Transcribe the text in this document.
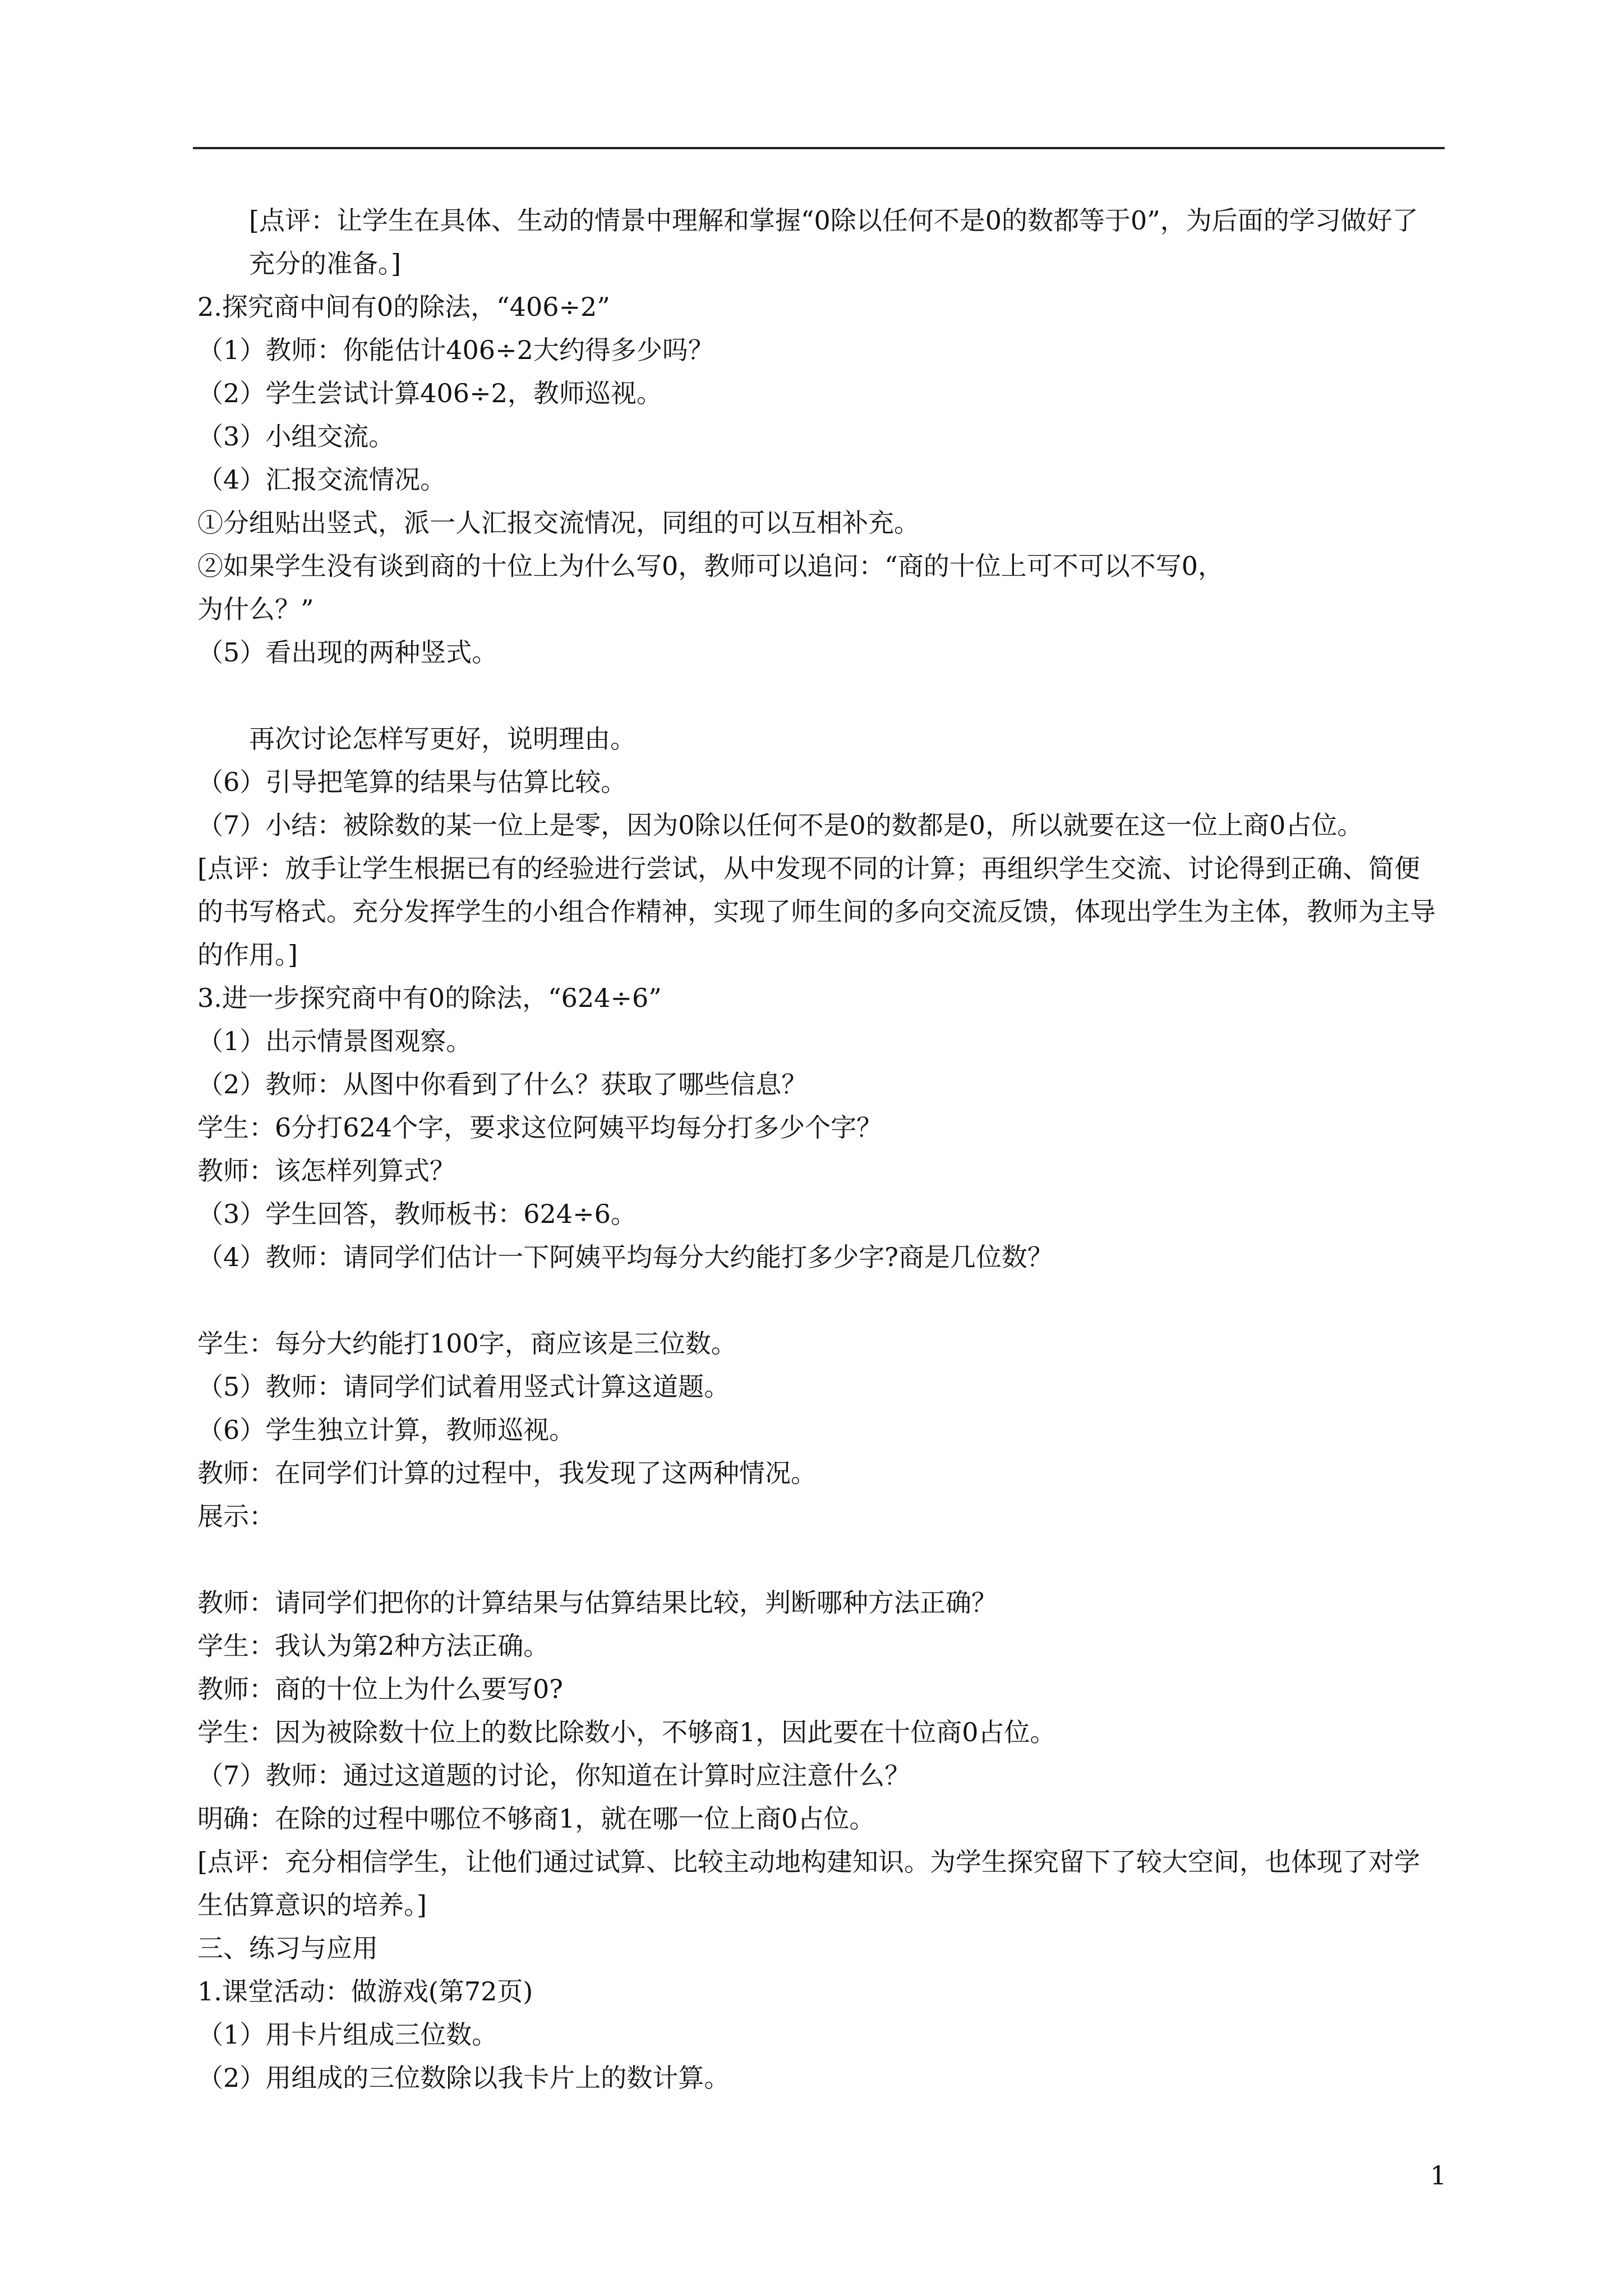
[点评：让学生在具体、生动的情景中理解和掌握“0除以任何不是0的数都等于0”，为后面的学习做好了充分的准备。]
2.探究商中间有0的除法，“406÷2”
（1）教师：你能估计406÷2大约得多少吗？
（2）学生尝试计算406÷2，教师巡视。
（3）小组交流。
（4）汇报交流情况。
①分组贴出竖式，派一人汇报交流情况，同组的可以互相补充。
②如果学生没有谈到商的十位上为什么写0，教师可以追问：“商的十位上可不可以不写0，
为什么？”
（5）看出现的两种竖式。
再次讨论怎样写更好，说明理由。
（6）引导把笔算的结果与估算比较。
（7）小结：被除数的某一位上是零，因为0除以任何不是0的数都是0，所以就要在这一位上商0占位。
[点评：放手让学生根据已有的经验进行尝试，从中发现不同的计算；再组织学生交流、讨论得到正确、简便的书写格式。充分发挥学生的小组合作精神，实现了师生间的多向交流反馈，体现出学生为主体，教师为主导的作用。]
3.进一步探究商中有0的除法，“624÷6”
（1）出示情景图观察。
（2）教师：从图中你看到了什么？获取了哪些信息？
学生：6分打624个字，要求这位阿姨平均每分打多少个字？
教师：该怎样列算式？
（3）学生回答，教师板书：624÷6。
（4）教师：请同学们估计一下阿姨平均每分大约能打多少字?商是几位数？
学生：每分大约能打100字，商应该是三位数。
（5）教师：请同学们试着用竖式计算这道题。
（6）学生独立计算，教师巡视。
教师：在同学们计算的过程中，我发现了这两种情况。
展示：
教师：请同学们把你的计算结果与估算结果比较，判断哪种方法正确？
学生：我认为第2种方法正确。
教师：商的十位上为什么要写0?
学生：因为被除数十位上的数比除数小，不够商1，因此要在十位商0占位。
（7）教师：通过这道题的讨论，你知道在计算时应注意什么？
明确：在除的过程中哪位不够商1，就在哪一位上商0占位。
[点评：充分相信学生，让他们通过试算、比较主动地构建知识。为学生探究留下了较大空间，也体现了对学生估算意识的培养。]
三、练习与应用
1.课堂活动：做游戏(第72页)
（1）用卡片组成三位数。
（2）用组成的三位数除以我卡片上的数计算。
1
